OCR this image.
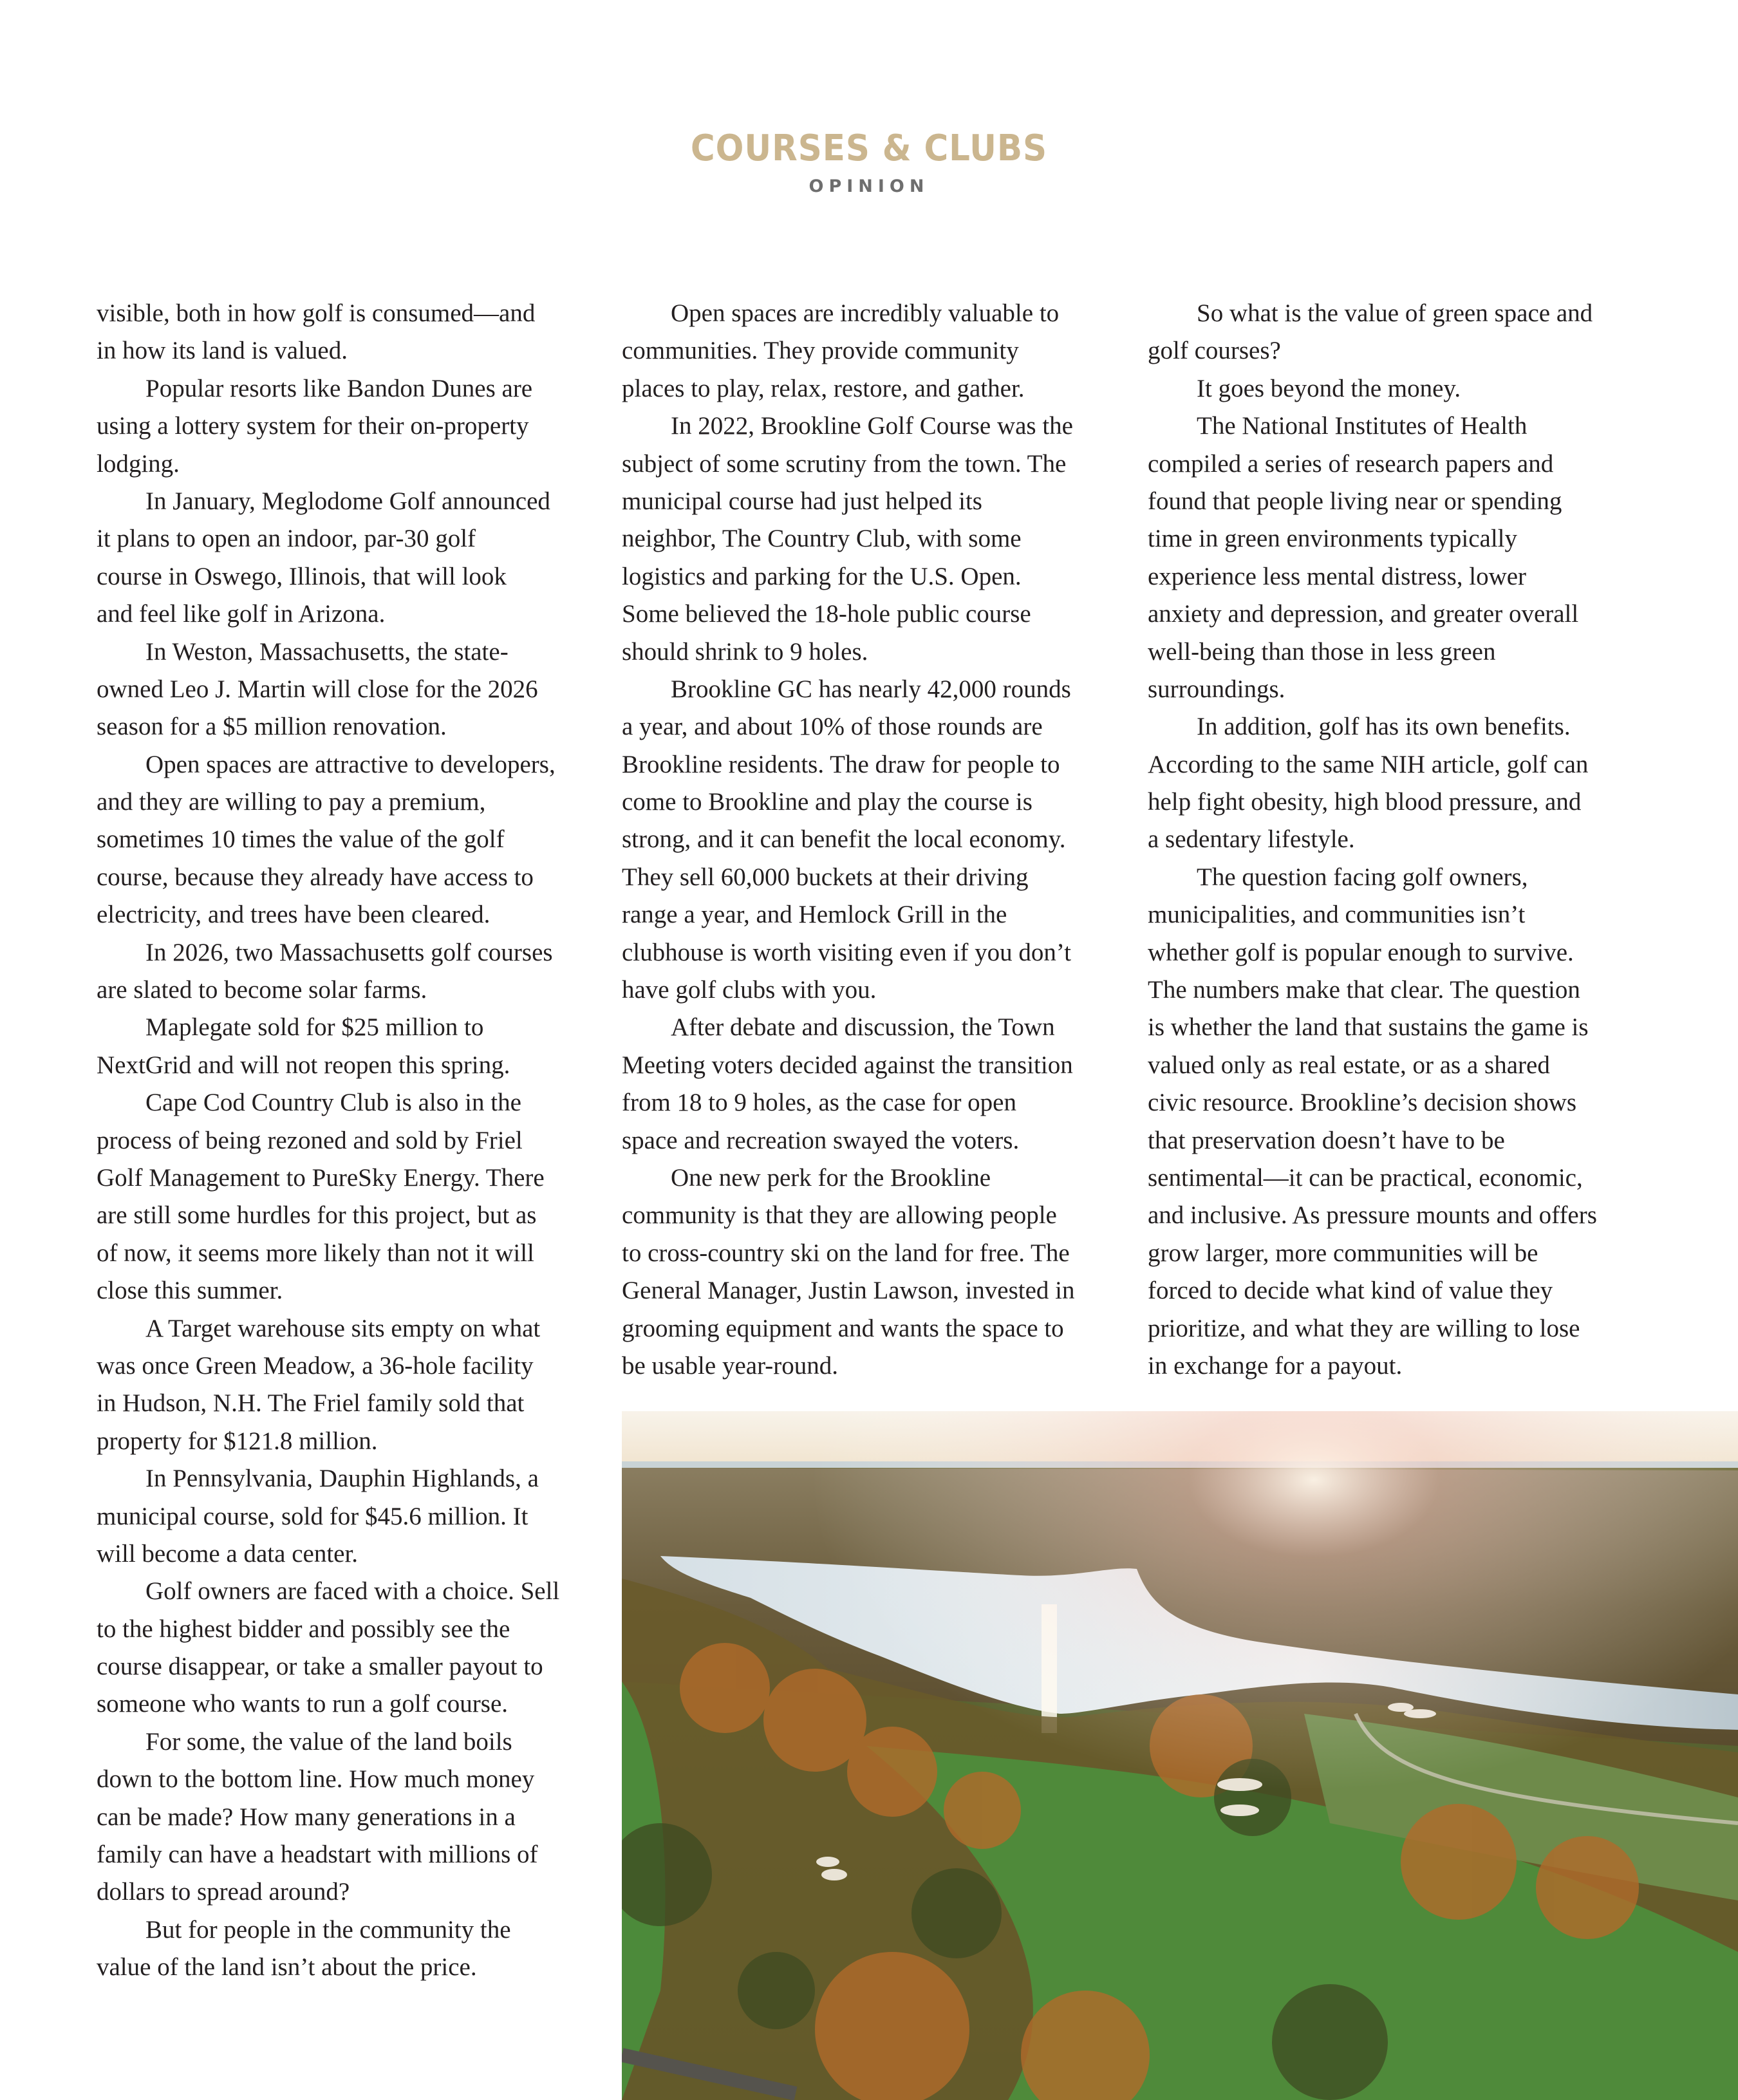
COURSES & CLUBS
OPINION
visible, both in how golf is consumed—and
in how its land is valued.
Popular resorts like Bandon Dunes are
using a lottery system for their on-property
lodging.
In January, Meglodome Golf announced
it plans to open an indoor, par-30 golf
course in Oswego, Illinois, that will look
and feel like golf in Arizona.
In Weston, Massachusetts, the state-
owned Leo J. Martin will close for the 2026
season for a $5 million renovation.
Open spaces are attractive to developers,
and they are willing to pay a premium,
sometimes 10 times the value of the golf
course, because they already have access to
electricity, and trees have been cleared.
In 2026, two Massachusetts golf courses
are slated to become solar farms.
Maplegate sold for $25 million to
NextGrid and will not reopen this spring.
Cape Cod Country Club is also in the
process of being rezoned and sold by Friel
Golf Management to PureSky Energy. There
are still some hurdles for this project, but as
of now, it seems more likely than not it will
close this summer.
A Target warehouse sits empty on what
was once Green Meadow, a 36-hole facility
in Hudson, N.H. The Friel family sold that
property for $121.8 million.
In Pennsylvania, Dauphin Highlands, a
municipal course, sold for $45.6 million. It
will become a data center.
Golf owners are faced with a choice. Sell
to the highest bidder and possibly see the
course disappear, or take a smaller payout to
someone who wants to run a golf course.
For some, the value of the land boils
down to the bottom line. How much money
can be made? How many generations in a
family can have a headstart with millions of
dollars to spread around?
But for people in the community the
value of the land isn’t about the price.
Open spaces are incredibly valuable to
communities. They provide community
places to play, relax, restore, and gather.
In 2022, Brookline Golf Course was the
subject of some scrutiny from the town. The
municipal course had just helped its
neighbor, The Country Club, with some
logistics and parking for the U.S. Open.
Some believed the 18-hole public course
should shrink to 9 holes.
Brookline GC has nearly 42,000 rounds
a year, and about 10% of those rounds are
Brookline residents. The draw for people to
come to Brookline and play the course is
strong, and it can benefit the local economy.
They sell 60,000 buckets at their driving
range a year, and Hemlock Grill in the
clubhouse is worth visiting even if you don’t
have golf clubs with you.
After debate and discussion, the Town
Meeting voters decided against the transition
from 18 to 9 holes, as the case for open
space and recreation swayed the voters.
One new perk for the Brookline
community is that they are allowing people
to cross-country ski on the land for free. The
General Manager, Justin Lawson, invested in
grooming equipment and wants the space to
be usable year-round.
So what is the value of green space and
golf courses?
It goes beyond the money.
The National Institutes of Health
compiled a series of research papers and
found that people living near or spending
time in green environments typically
experience less mental distress, lower
anxiety and depression, and greater overall
well-being than those in less green
surroundings.
In addition, golf has its own benefits.
According to the same NIH article, golf can
help fight obesity, high blood pressure, and
a sedentary lifestyle.
The question facing golf owners,
municipalities, and communities isn’t
whether golf is popular enough to survive.
The numbers make that clear. The question
is whether the land that sustains the game is
valued only as real estate, or as a shared
civic resource. Brookline’s decision shows
that preservation doesn’t have to be
sentimental—it can be practical, economic,
and inclusive. As pressure mounts and offers
grow larger, more communities will be
forced to decide what kind of value they
prioritize, and what they are willing to lose
in exchange for a payout.
